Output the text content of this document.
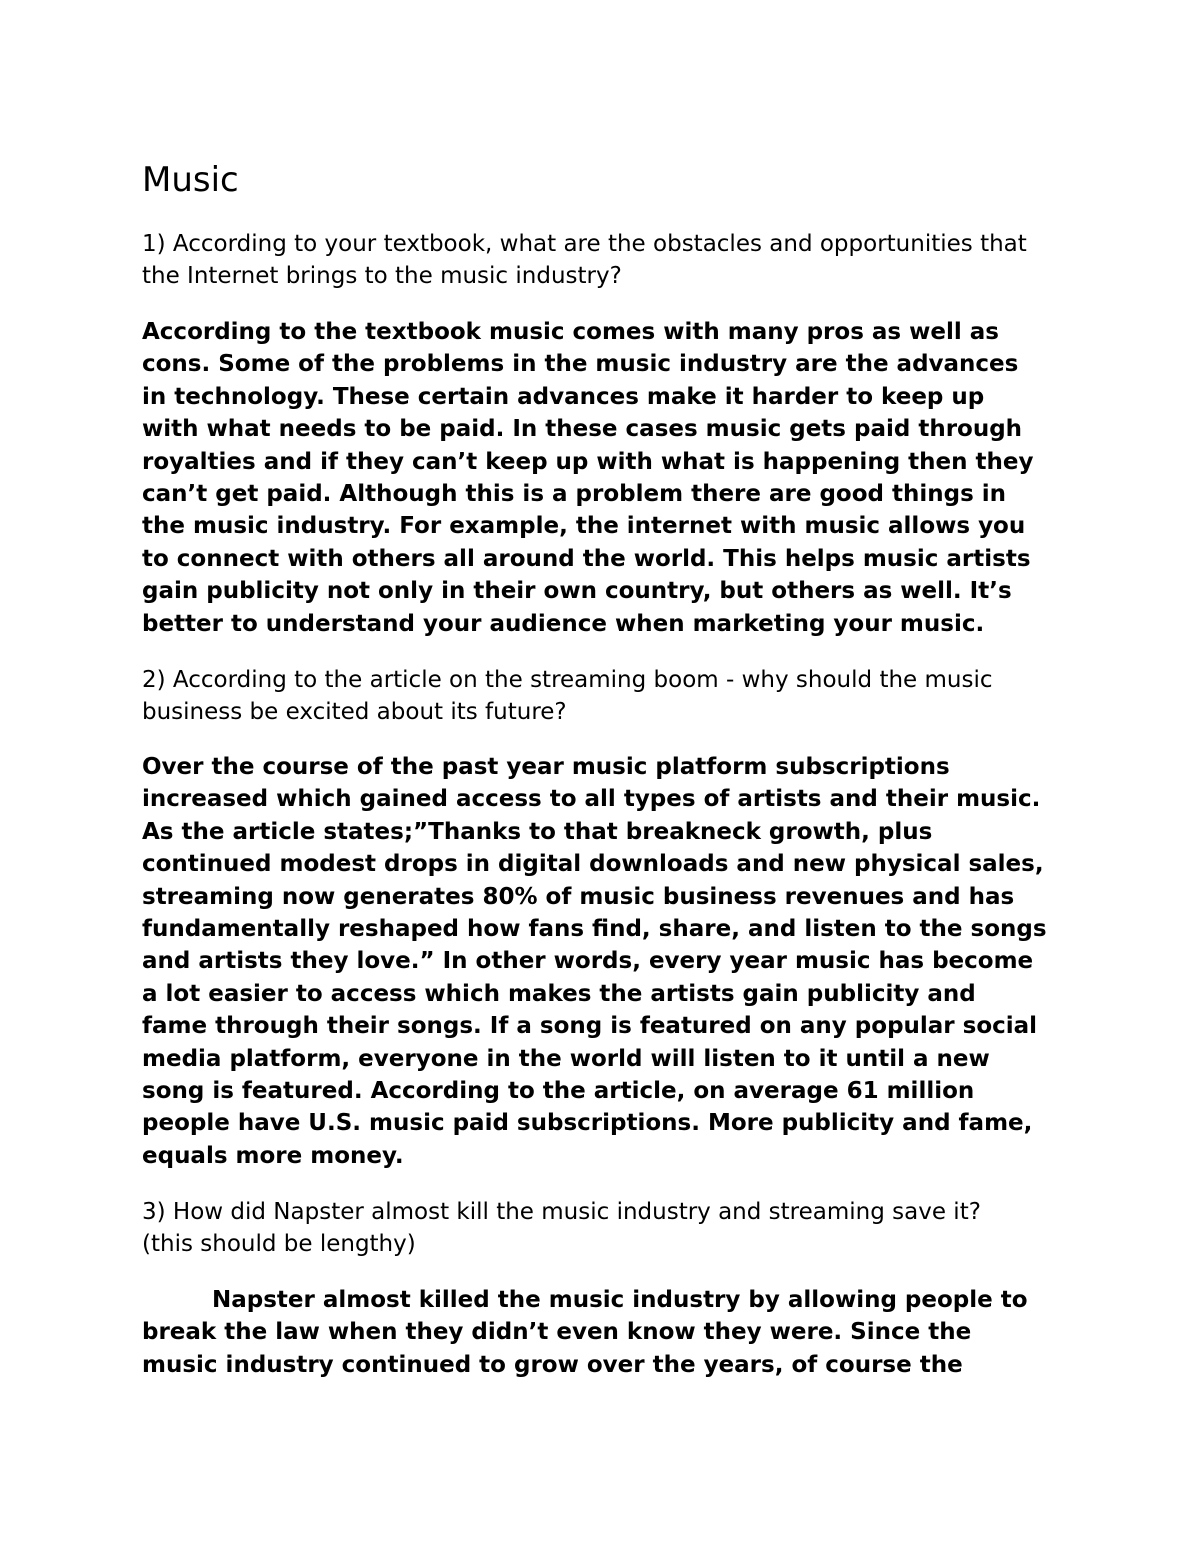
Music

1) According to your textbook, what are the obstacles and opportunities that
the Internet brings to the music industry?

According to the textbook music comes with many pros as well as
cons. Some of the problems in the music industry are the advances
in technology. These certain advances make it harder to keep up
with what needs to be paid. In these cases music gets paid through
royalties and if they can’t keep up with what is happening then they
can’t get paid. Although this is a problem there are good things in
the music industry. For example, the internet with music allows you
to connect with others all around the world. This helps music artists
gain publicity not only in their own country, but others as well. It’s
better to understand your audience when marketing your music.

2) According to the article on the streaming boom - why should the music
business be excited about its future?

Over the course of the past year music platform subscriptions
increased which gained access to all types of artists and their music.
As the article states;”Thanks to that breakneck growth, plus
continued modest drops in digital downloads and new physical sales,
streaming now generates 80% of music business revenues and has
fundamentally reshaped how fans find, share, and listen to the songs
and artists they love.” In other words, every year music has become
a lot easier to access which makes the artists gain publicity and
fame through their songs. If a song is featured on any popular social
media platform, everyone in the world will listen to it until a new
song is featured. According to the article, on average 61 million
people have U.S. music paid subscriptions. More publicity and fame,
equals more money.

3) How did Napster almost kill the music industry and streaming save it?
(this should be lengthy)

Napster almost killed the music industry by allowing people to
break the law when they didn’t even know they were. Since the
music industry continued to grow over the years, of course the
